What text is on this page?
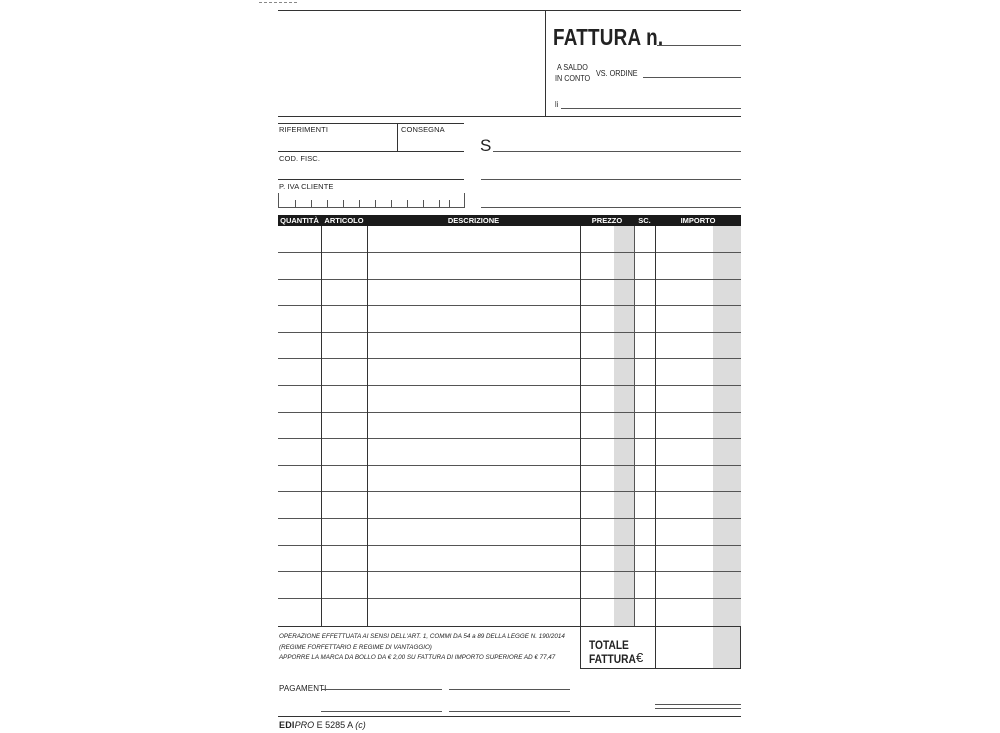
FATTURA n.
A SALDO
IN CONTO
VS. ORDINE
li
RIFERIMENTI	CONSEGNA
COD. FISC.
P. IVA CLIENTE
S
QUANTITÀ ARTICOLO	DESCRIZIONE	PREZZO	SC.	IMPORTO
OPERAZIONE EFFETTUATA AI SENSI DELL'ART. 1, COMMI DA 54 a 89 DELLA LEGGE N. 190/2014
(REGIME FORFETTARIO E REGIME DI VANTAGGIO)
APPORRE LA MARCA DA BOLLO DA € 2,00 SU FATTURA DI IMPORTO SUPERIORE AD € 77,47
TOTALE
FATTURA €
PAGAMENTI
EDIPRO E 5285 A (c)
